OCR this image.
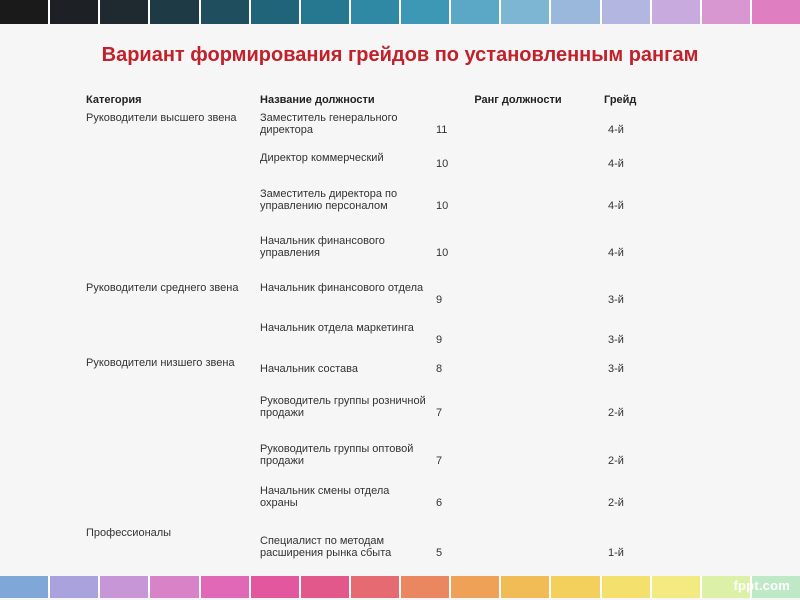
Вариант формирования грейдов по установленным рангам
Категория	Название должности	Ранг должности	Грейд
Руководители высшего звена	Заместитель генерального директора	11	4-й
	Директор коммерческий	10	4-й
	Заместитель директора по управлению персоналом	10	4-й
	Начальник финансового управления	10	4-й
Руководители среднего звена	Начальник финансового отдела	9	3-й
	Начальник отдела маркетинга	9	3-й
Руководители низшего звена	Начальник состава	8	3-й
	Руководитель группы розничной продажи	7	2-й
	Руководитель группы оптовой продажи	7	2-й
	Начальник смены отдела охраны	6	2-й
Профессионалы	Специалист по методам расширения рынка сбыта	5	1-й
fppt.com
